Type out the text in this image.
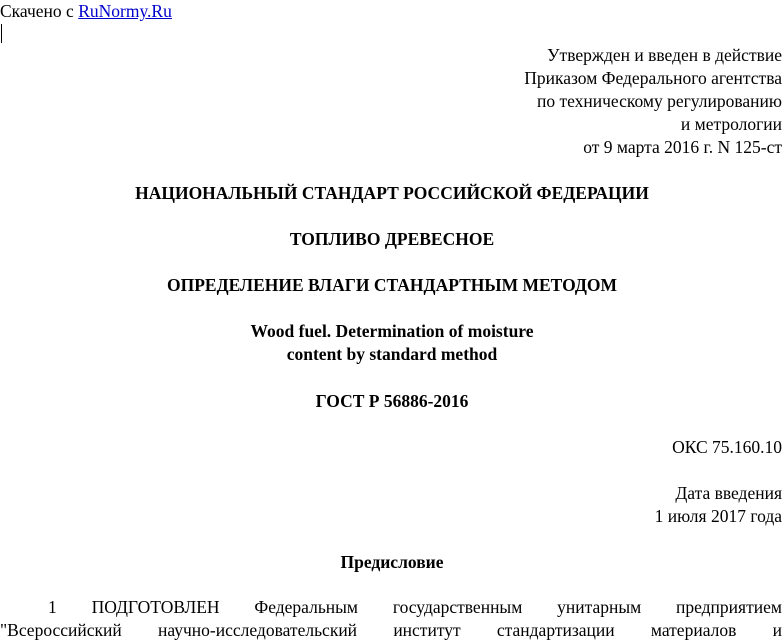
Скачено с RuNormy.Ru
Утвержден и введен в действие
Приказом Федерального агентства
по техническому регулированию
и метрологии
от 9 марта 2016 г. N 125-ст
НАЦИОНАЛЬНЫЙ СТАНДАРТ РОССИЙСКОЙ ФЕДЕРАЦИИ
ТОПЛИВО ДРЕВЕСНОЕ
ОПРЕДЕЛЕНИЕ ВЛАГИ СТАНДАРТНЫМ МЕТОДОМ
Wood fuel. Determination of moisture
content by standard method
ГОСТ Р 56886-2016
ОКС 75.160.10
Дата введения
1 июля 2017 года
Предисловие
1 ПОДГОТОВЛЕН Федеральным государственным унитарным предприятием
"Всероссийский научно-исследовательский институт стандартизации материалов и
